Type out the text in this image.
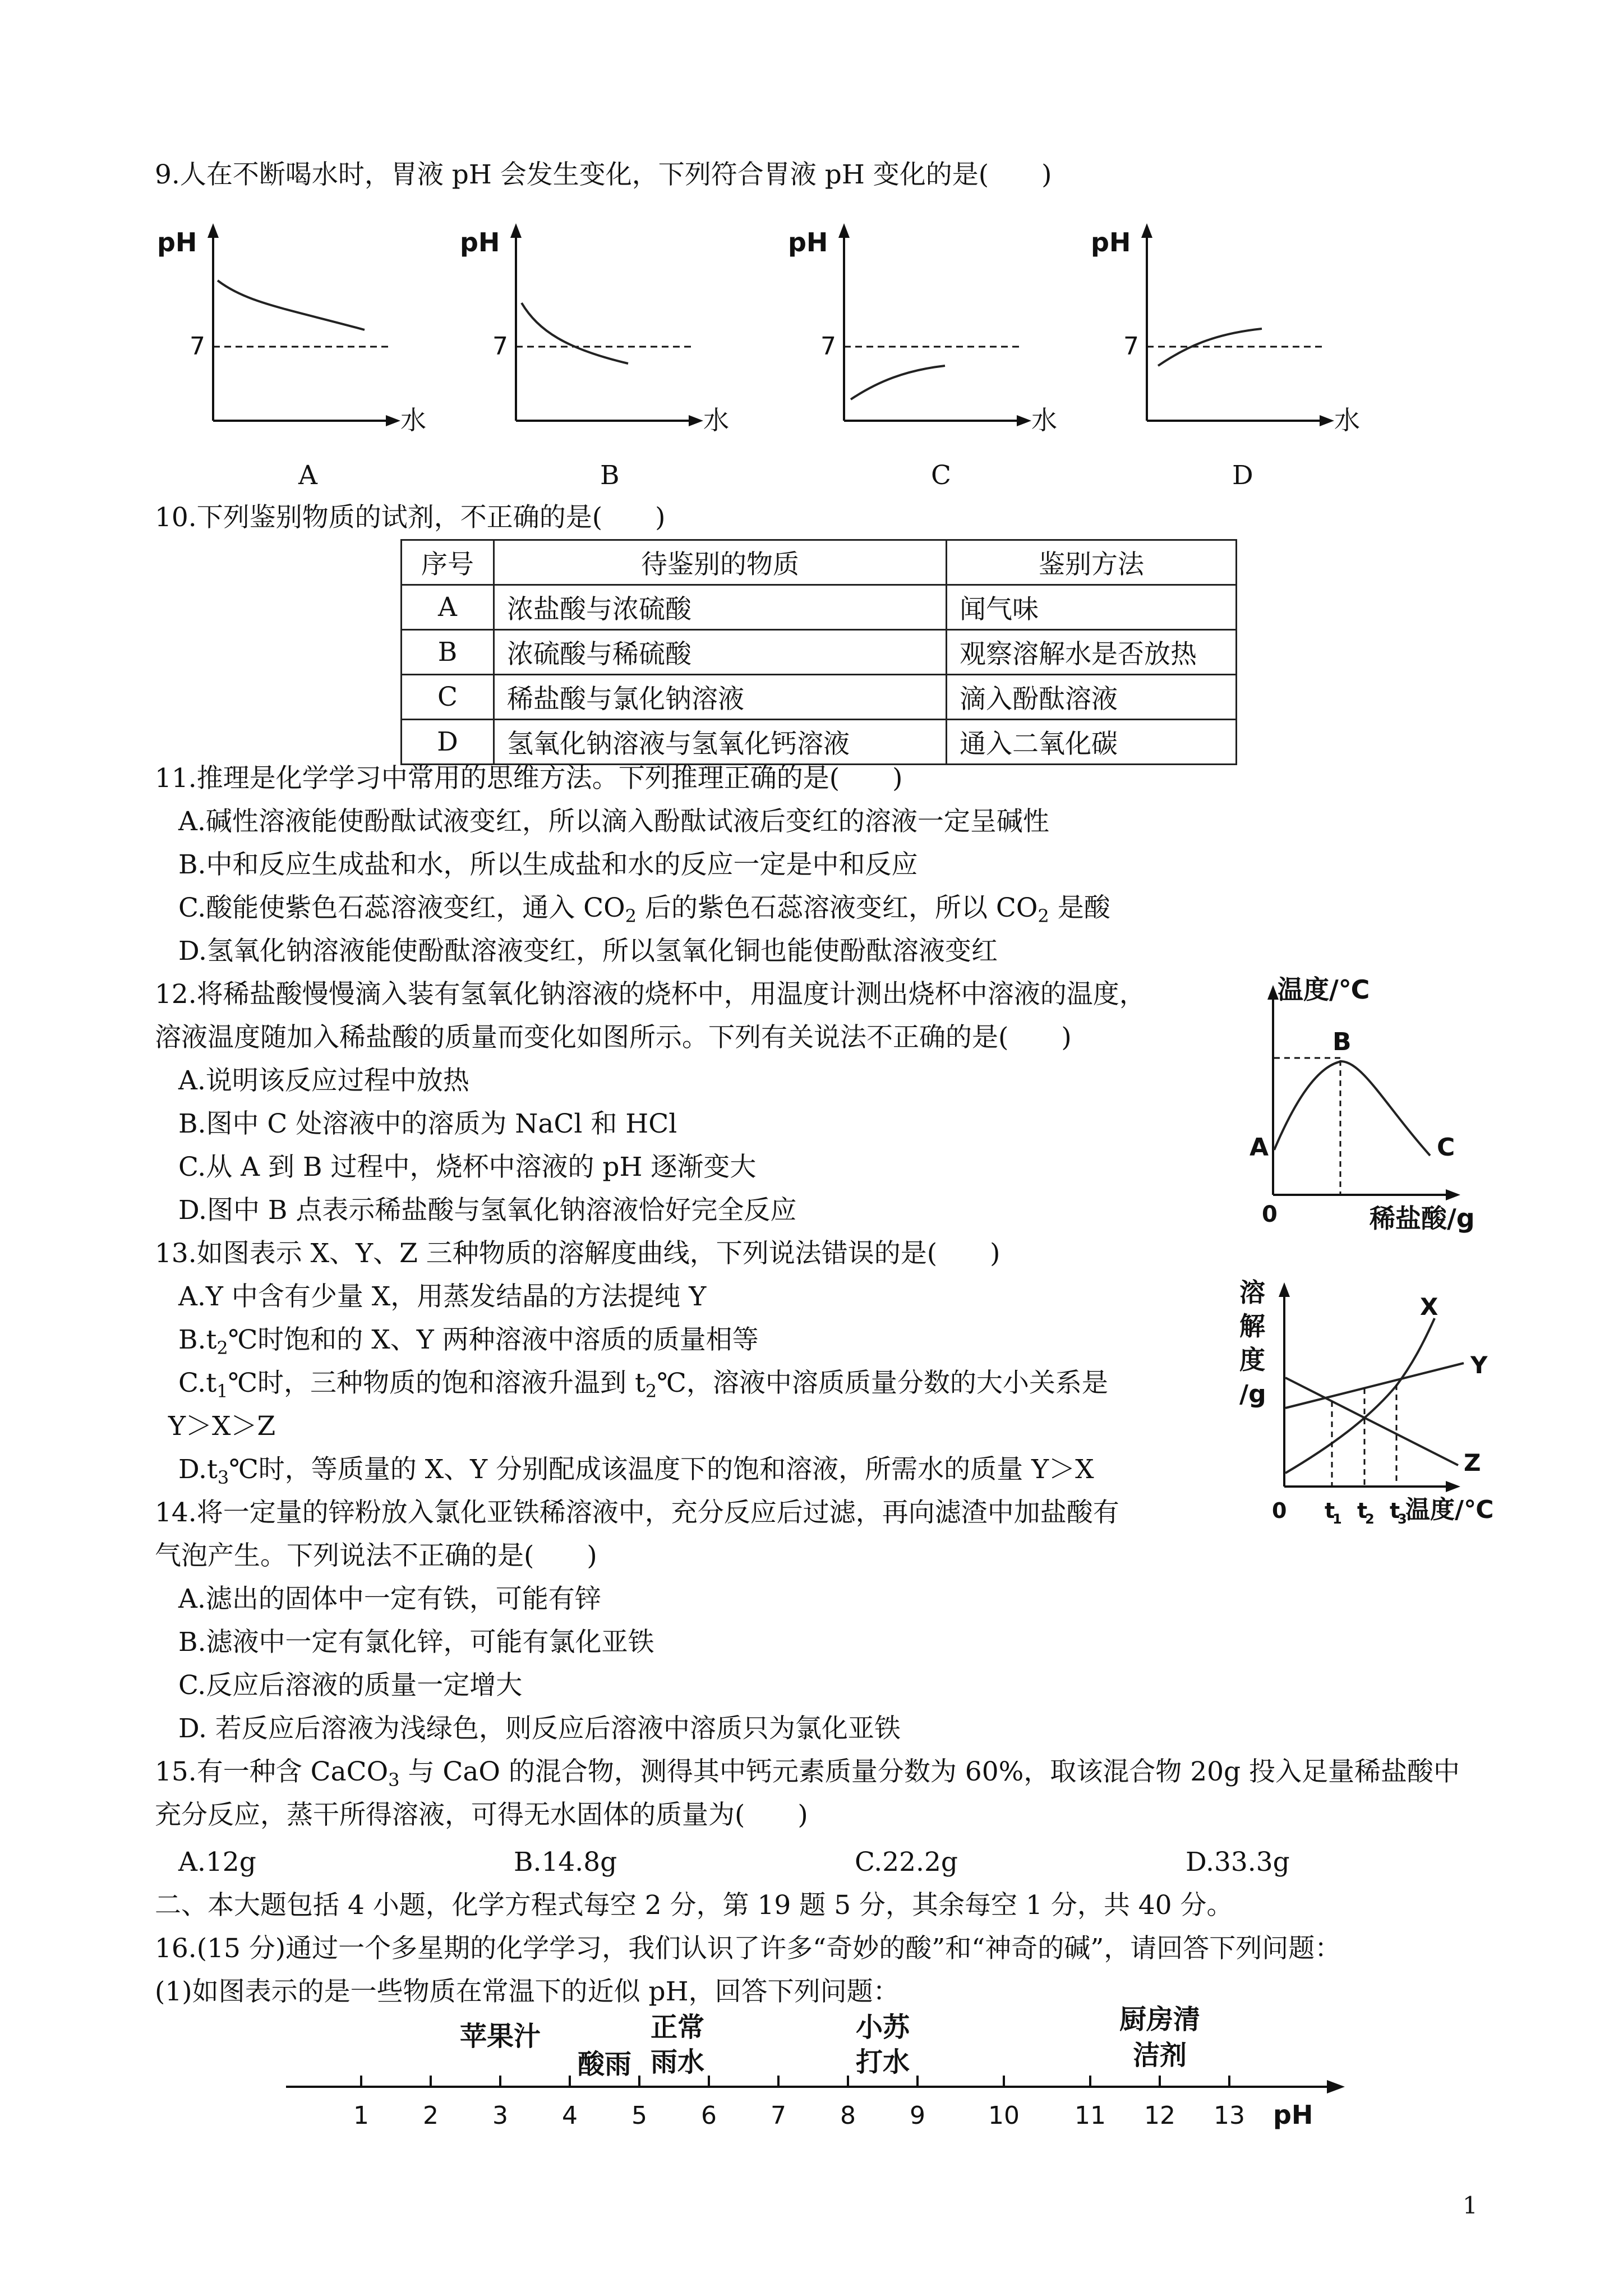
9.人在不断喝水时，胃液 pH 会发生变化，下列符合胃液 pH 变化的是(　　)
pH
7
水
A
pH
7
水
B
pH
7
水
C
pH
7
水
D
10.下列鉴别物质的试剂，不正确的是(　　)
序号	待鉴别的物质	鉴别方法
A	浓盐酸与浓硫酸	闻气味
B	浓硫酸与稀硫酸	观察溶解水是否放热
C	稀盐酸与氯化钠溶液	滴入酚酞溶液
D	氢氧化钠溶液与氢氧化钙溶液	通入二氧化碳
11.推理是化学学习中常用的思维方法。下列推理正确的是(　　)
A.碱性溶液能使酚酞试液变红，所以滴入酚酞试液后变红的溶液一定呈碱性
B.中和反应生成盐和水，所以生成盐和水的反应一定是中和反应
C.酸能使紫色石蕊溶液变红，通入 $CO_2$ 后的紫色石蕊溶液变红，所以 $CO_2$ 是酸
D.氢氧化钠溶液能使酚酞溶液变红，所以氢氧化铜也能使酚酞溶液变红
12.将稀盐酸慢慢滴入装有氢氧化钠溶液的烧杯中，用温度计测出烧杯中溶液的温度，
溶液温度随加入稀盐酸的质量而变化如图所示。下列有关说法不正确的是(　　)
A.说明该反应过程中放热
B.图中 C 处溶液中的溶质为 NaCl 和 HCl
C.从 A 到 B 过程中，烧杯中溶液的 pH 逐渐变大
D.图中 B 点表示稀盐酸与氢氧化钠溶液恰好完全反应
温度/℃
B
A	C
0	稀盐酸/g
13.如图表示 X、Y、Z 三种物质的溶解度曲线，下列说法错误的是(　　)
A.Y 中含有少量 X，用蒸发结晶的方法提纯 Y
$B.t_2℃$时饱和的 X、Y 两种溶液中溶质的质量相等
$C.t_1℃$时，三种物质的饱和溶液升温到 $t_2℃$，溶液中溶质质量分数的大小关系是
Y＞X＞Z
$D.t_3℃$时，等质量的 X、Y 分别配成该温度下的饱和溶液，所需水的质量 Y＞X
溶
解
度
/g
X
Y
Z
0 t
1 t
2 t
3
温度/℃
14.将一定量的锌粉放入氯化亚铁稀溶液中，充分反应后过滤，再向滤渣中加盐酸有
气泡产生。下列说法不正确的是(　　)
A.滤出的固体中一定有铁，可能有锌
B.滤液中一定有氯化锌，可能有氯化亚铁
C.反应后溶液的质量一定增大
D. 若反应后溶液为浅绿色，则反应后溶液中溶质只为氯化亚铁
15.有一种含 CaCO$_3$ 与 CaO 的混合物，测得其中钙元素质量分数为 60%，取该混合物 20g 投入足量稀盐酸中
充分反应，蒸干所得溶液，可得无水固体的质量为(　　)
A.12g	B.14.8g	C.22.2g	D.33.3g
二、本大题包括 4 小题，化学方程式每空 2 分，第 19 题 5 分，其余每空 1 分，共 40 分。
16.(15 分)通过一个多星期的化学学习，我们认识了许多“奇妙的酸”和“神奇的碱”，请回答下列问题：
(1)如图表示的是一些物质在常温下的近似 pH，回答下列问题：
1 2 3 4 5 6 7 8 9	10 11 12 13 pH
苹果汁
酸雨
正常
雨水
小苏
打水
厨房清
洁剂
1
